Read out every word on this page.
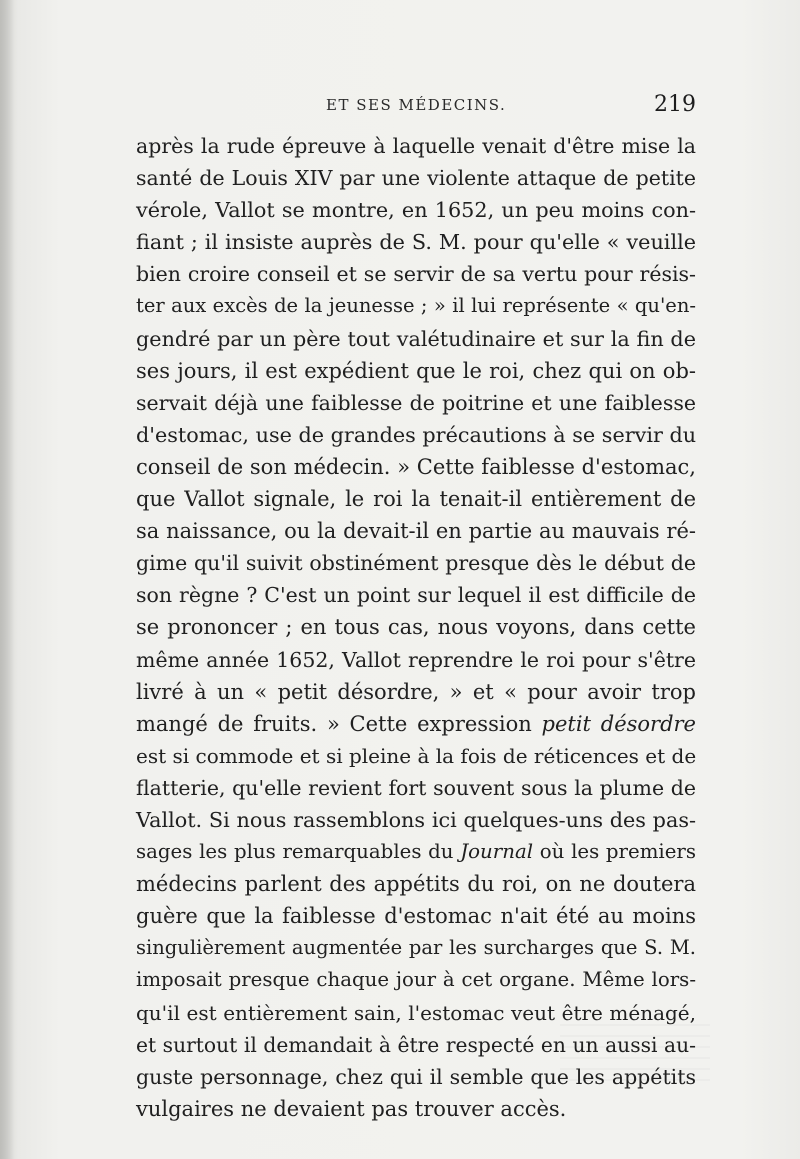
ET SES MÉDECINS.	219
après la rude épreuve à laquelle venait d'être mise la
santé de Louis XIV par une violente attaque de petite
vérole, Vallot se montre, en 1652, un peu moins con-
fiant ; il insiste auprès de S. M. pour qu'elle « veuille
bien croire conseil et se servir de sa vertu pour résis-
ter aux excès de la jeunesse ; » il lui représente « qu'en-
gendré par un père tout valétudinaire et sur la fin de
ses jours, il est expédient que le roi, chez qui on ob-
servait déjà une faiblesse de poitrine et une faiblesse
d'estomac, use de grandes précautions à se servir du
conseil de son médecin. » Cette faiblesse d'estomac,
que Vallot signale, le roi la tenait-il entièrement de
sa naissance, ou la devait-il en partie au mauvais ré-
gime qu'il suivit obstinément presque dès le début de
son règne ? C'est un point sur lequel il est difficile de
se prononcer ; en tous cas, nous voyons, dans cette
même année 1652, Vallot reprendre le roi pour s'être
livré à un « petit désordre, » et « pour avoir trop
mangé de fruits. » Cette expression petit désordre
est si commode et si pleine à la fois de réticences et de
flatterie, qu'elle revient fort souvent sous la plume de
Vallot. Si nous rassemblons ici quelques-uns des pas-
sages les plus remarquables du Journal où les premiers
médecins parlent des appétits du roi, on ne doutera
guère que la faiblesse d'estomac n'ait été au moins
singulièrement augmentée par les surcharges que S. M.
imposait presque chaque jour à cet organe. Même lors-
qu'il est entièrement sain, l'estomac veut être ménagé,
et surtout il demandait à être respecté en un aussi au-
guste personnage, chez qui il semble que les appétits
vulgaires ne devaient pas trouver accès.
